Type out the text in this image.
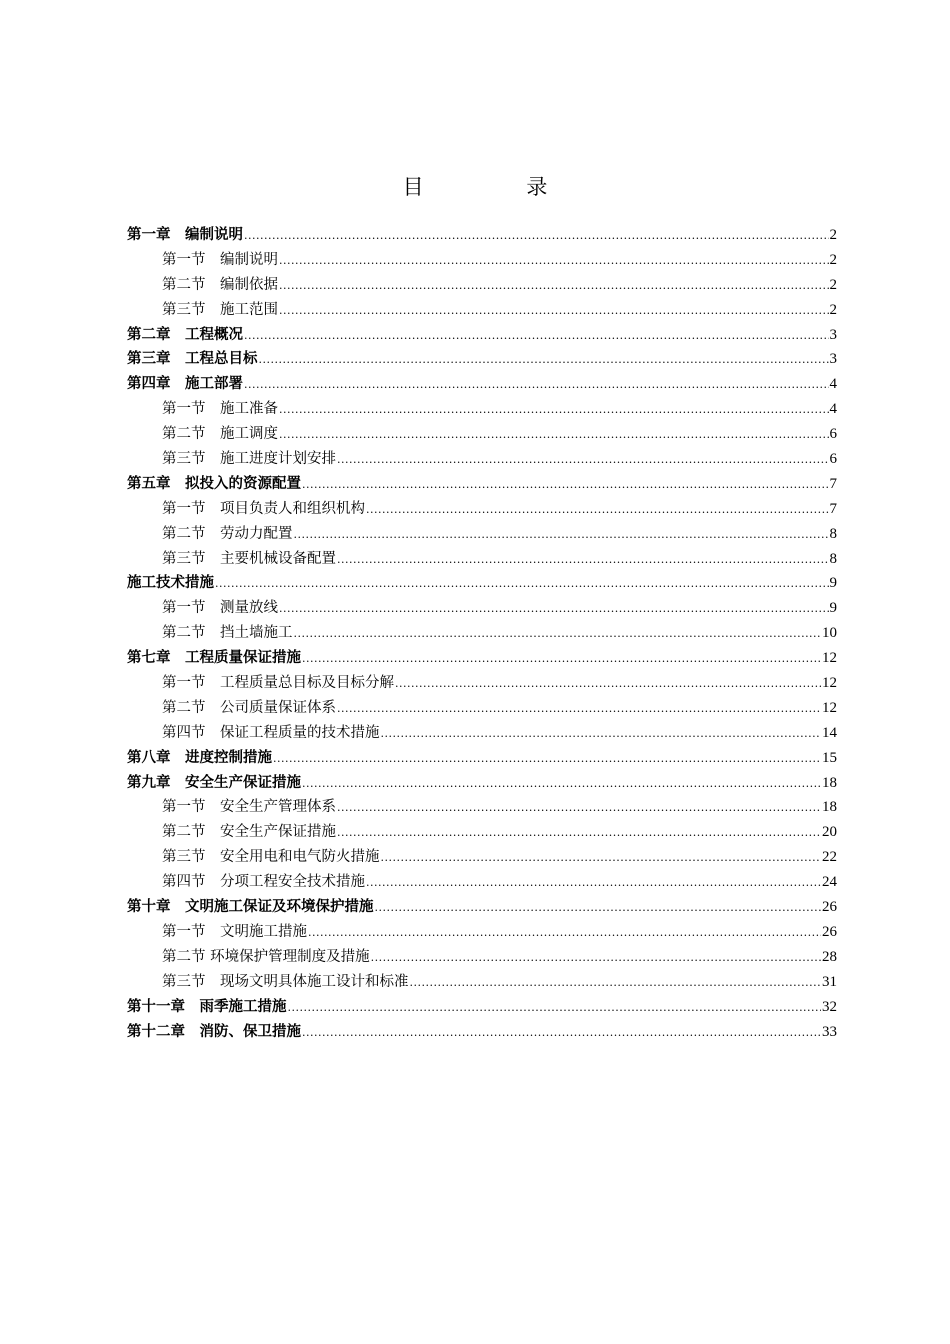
目 录
第一章　编制说明 .....	2
第一节　编制说明 .....	2
第二节　编制依据 .....	2
第三节　施工范围 .....	2
第二章　工程概况 .....	3
第三章　工程总目标 .....	3
第四章　施工部署 .....	4
第一节　施工准备 .....	4
第二节　施工调度 .....	6
第三节　施工进度计划安排 .....	6
第五章　拟投入的资源配置 .....	7
第一节　项目负责人和组织机构 .....	7
第二节　劳动力配置 .....	8
第三节　主要机械设备配置 .....	8
施工技术措施 .....	9
第一节　测量放线 .....	9
第二节　挡土墙施工 .....	10
第七章　工程质量保证措施 .....	12
第一节　工程质量总目标及目标分解 .....	12
第二节　公司质量保证体系 .....	12
第四节　保证工程质量的技术措施 .....	14
第八章　进度控制措施 .....	15
第九章　安全生产保证措施 .....	18
第一节　安全生产管理体系 .....	18
第二节　安全生产保证措施 .....	20
第三节　安全用电和电气防火措施 .....	22
第四节　分项工程安全技术措施 .....	24
第十章　文明施工保证及环境保护措施 .....	26
第一节　文明施工措施 .....	26
第二节 环境保护管理制度及措施 .....	28
第三节　现场文明具体施工设计和标准 .....	31
第十一章　雨季施工措施 .....	32
第十二章　消防、保卫措施 .....	33
